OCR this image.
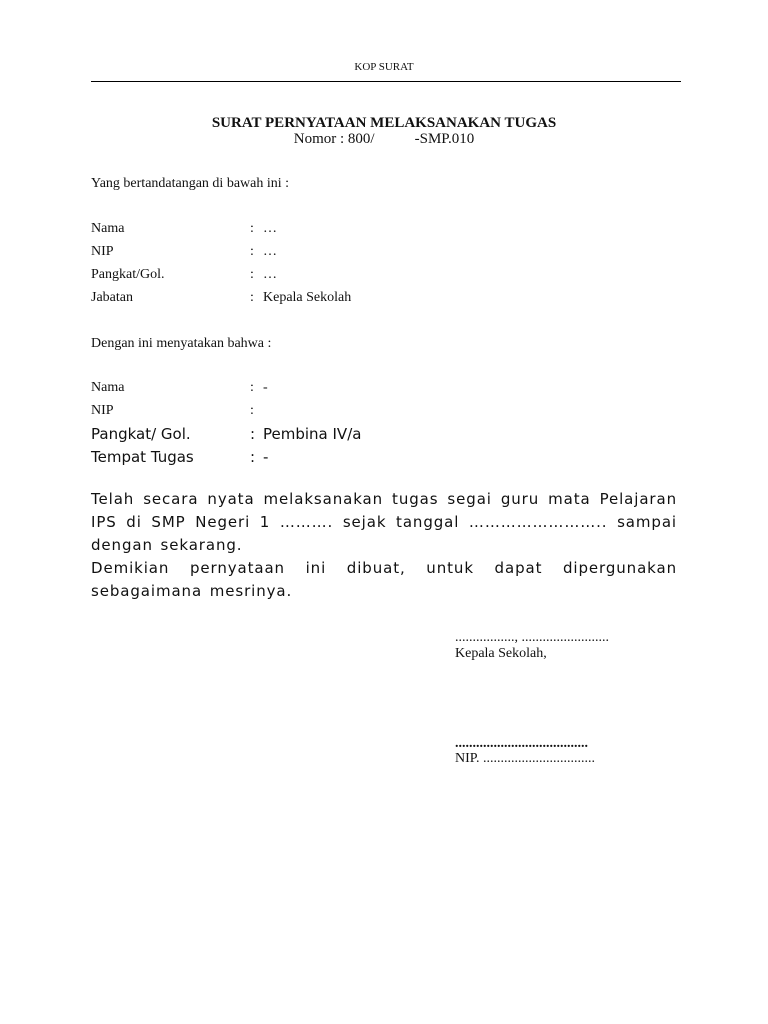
KOP SURAT
SURAT PERNYATAAN MELAKSANAKAN TUGAS
Nomor : 800/	-SMP.010
Yang bertandatangan di bawah ini :
Nama	: …
NIP	: …
Pangkat/Gol.	: …
Jabatan	: Kepala Sekolah
Dengan ini menyatakan bahwa :
Nama	: -
NIP	:
Pangkat/ Gol.	: Pembina IV/a
Tempat Tugas	: -

Telah secara nyata melaksanakan tugas segai guru mata Pelajaran IPS di SMP Negeri 1 ………. sejak tanggal …………………….. sampai dengan sekarang.

Demikian pernyataan ini dibuat, untuk dapat dipergunakan sebagaimana mesrinya.

................., .........................
Kepala Sekolah,
......................................
NIP. ................................
